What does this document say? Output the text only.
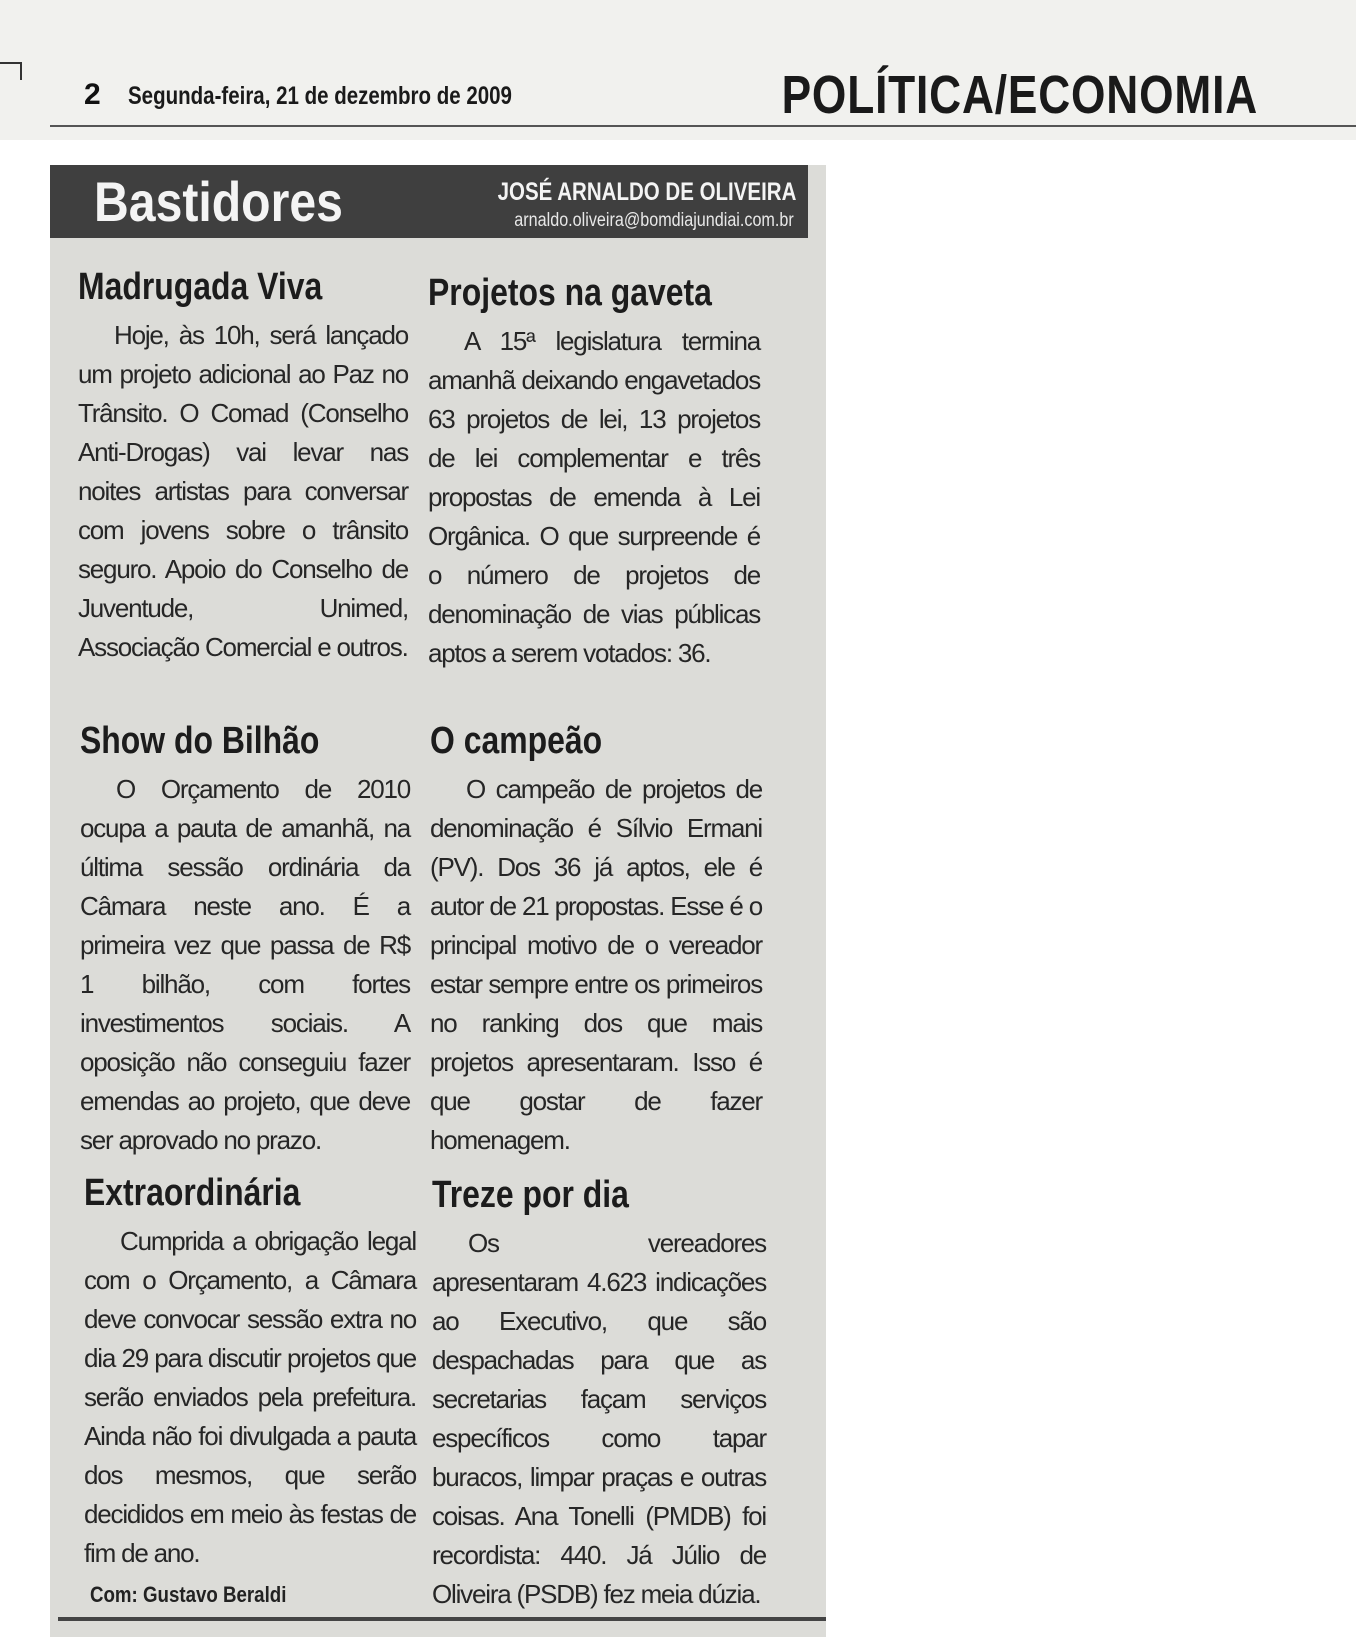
2 Segunda-feira, 21 de dezembro de 2009	POLÍTICA/ECONOMIA
Bastidores	JOSÉ ARNALDO DE OLIVEIRA
arnaldo.oliveira@bomdiajundiai.com.br
Madrugada Viva

Hoje, às 10h, será lançado um projeto adicional ao Paz no Trânsito. O Comad (Conselho Anti-Drogas) vai levar nas noites artistas para conversar com jovens sobre o trânsito seguro. Apoio do Conselho de Juventude, Unimed, Associação Comercial e outros.

Projetos na gaveta

A 15ª legislatura termina amanhã deixando engavetados 63 projetos de lei, 13 projetos de lei complementar e três propostas de emenda à Lei Orgânica. O que surpreende é o número de projetos de denominação de vias públicas aptos a serem votados: 36.

Show do Bilhão

O Orçamento de 2010 ocupa a pauta de amanhã, na última sessão ordinária da Câmara neste ano. É a primeira vez que passa de R$ 1 bilhão, com fortes investimentos sociais. A oposição não conseguiu fazer emendas ao projeto, que deve ser aprovado no prazo.

O campeão

O campeão de projetos de denominação é Sílvio Ermani (PV). Dos 36 já aptos, ele é autor de 21 propostas. Esse é o principal motivo de o vereador estar sempre entre os primeiros no ranking dos que mais projetos apresentaram. Isso é que gostar de fazer homenagem.

Extraordinária

Cumprida a obrigação legal com o Orçamento, a Câmara deve convocar sessão extra no dia 29 para discutir projetos que serão enviados pela prefeitura. Ainda não foi divulgada a pauta dos mesmos, que serão decididos em meio às festas de fim de ano.

Treze por dia

Os vereadores apresentaram 4.623 indicações ao Executivo, que são despachadas para que as secretarias façam serviços específicos como tapar buracos, limpar praças e outras coisas. Ana Tonelli (PMDB) foi recordista: 440. Já Júlio de Oliveira (PSDB) fez meia dúzia.

Com: Gustavo Beraldi
